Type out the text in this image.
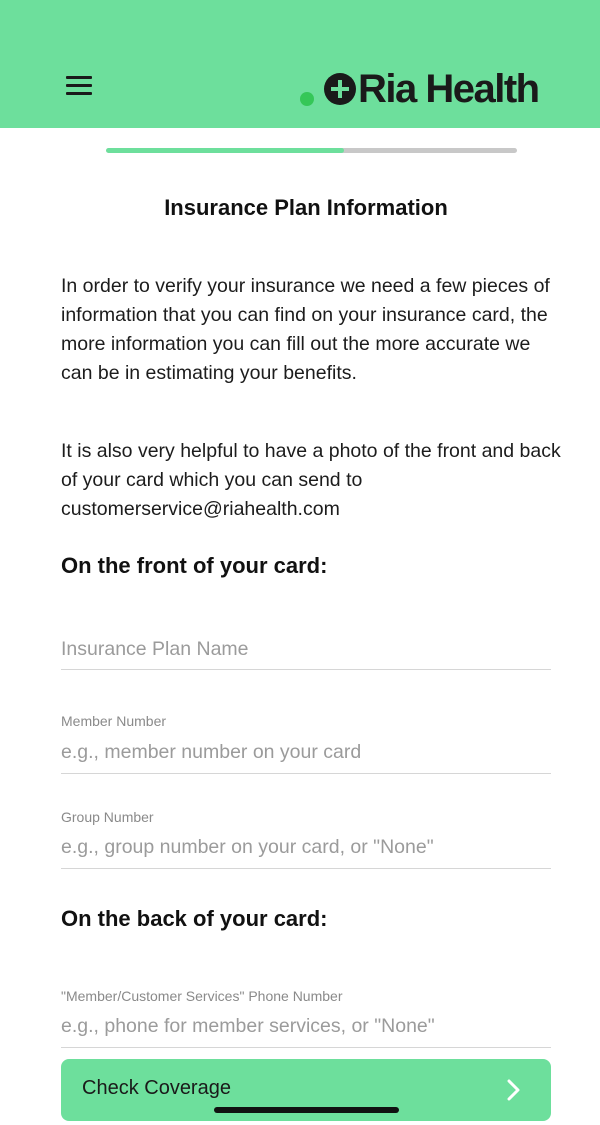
Ria Health
Insurance Plan Information

In order to verify your insurance we need a few pieces of information that you can find on your insurance card, the more information you can fill out the more accurate we can be in estimating your benefits.

It is also very helpful to have a photo of the front and back of your card which you can send to
customerservice@riahealth.com

On the front of your card:
Insurance Plan Name
Member Number
e.g., member number on your card
Group Number
e.g., group number on your card, or "None"
On the back of your card:
"Member/Customer Services" Phone Number
e.g., phone for member services, or "None"
Check Coverage
